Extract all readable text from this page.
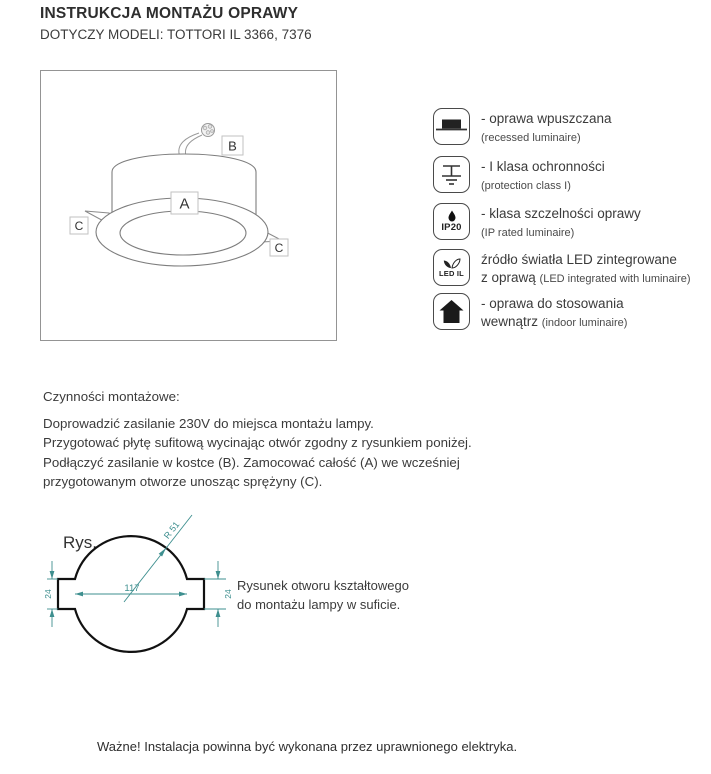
INSTRUKCJA MONTAŻU OPRAWY
DOTYCZY MODELI: TOTTORI IL 3366, 7376
A
B
C
C
- oprawa wpuszczana
(recessed luminaire)
- I klasa ochronności
(protection class I)
IP20
- klasa szczelności oprawy
(IP rated luminaire)
LED IL
źródło światła LED zintegrowane
z oprawą (LED integrated with luminaire)
- oprawa do stosowania
wewnątrz (indoor luminaire)
Czynności montażowe:
Doprowadzić zasilanie 230V do miejsca montażu lampy.
Przygotować płytę sufitową wycinając otwór zgodny z rysunkiem poniżej.
Podłączyć zasilanie w kostce (B). Zamocować całość (A) we wcześniej
przygotowanym otworze unosząc sprężyny (C).
Rys.
117
R 51
24	24
Rysunek otworu kształtowego
do montażu lampy w suficie.
Ważne! Instalacja powinna być wykonana przez uprawnionego elektryka.
